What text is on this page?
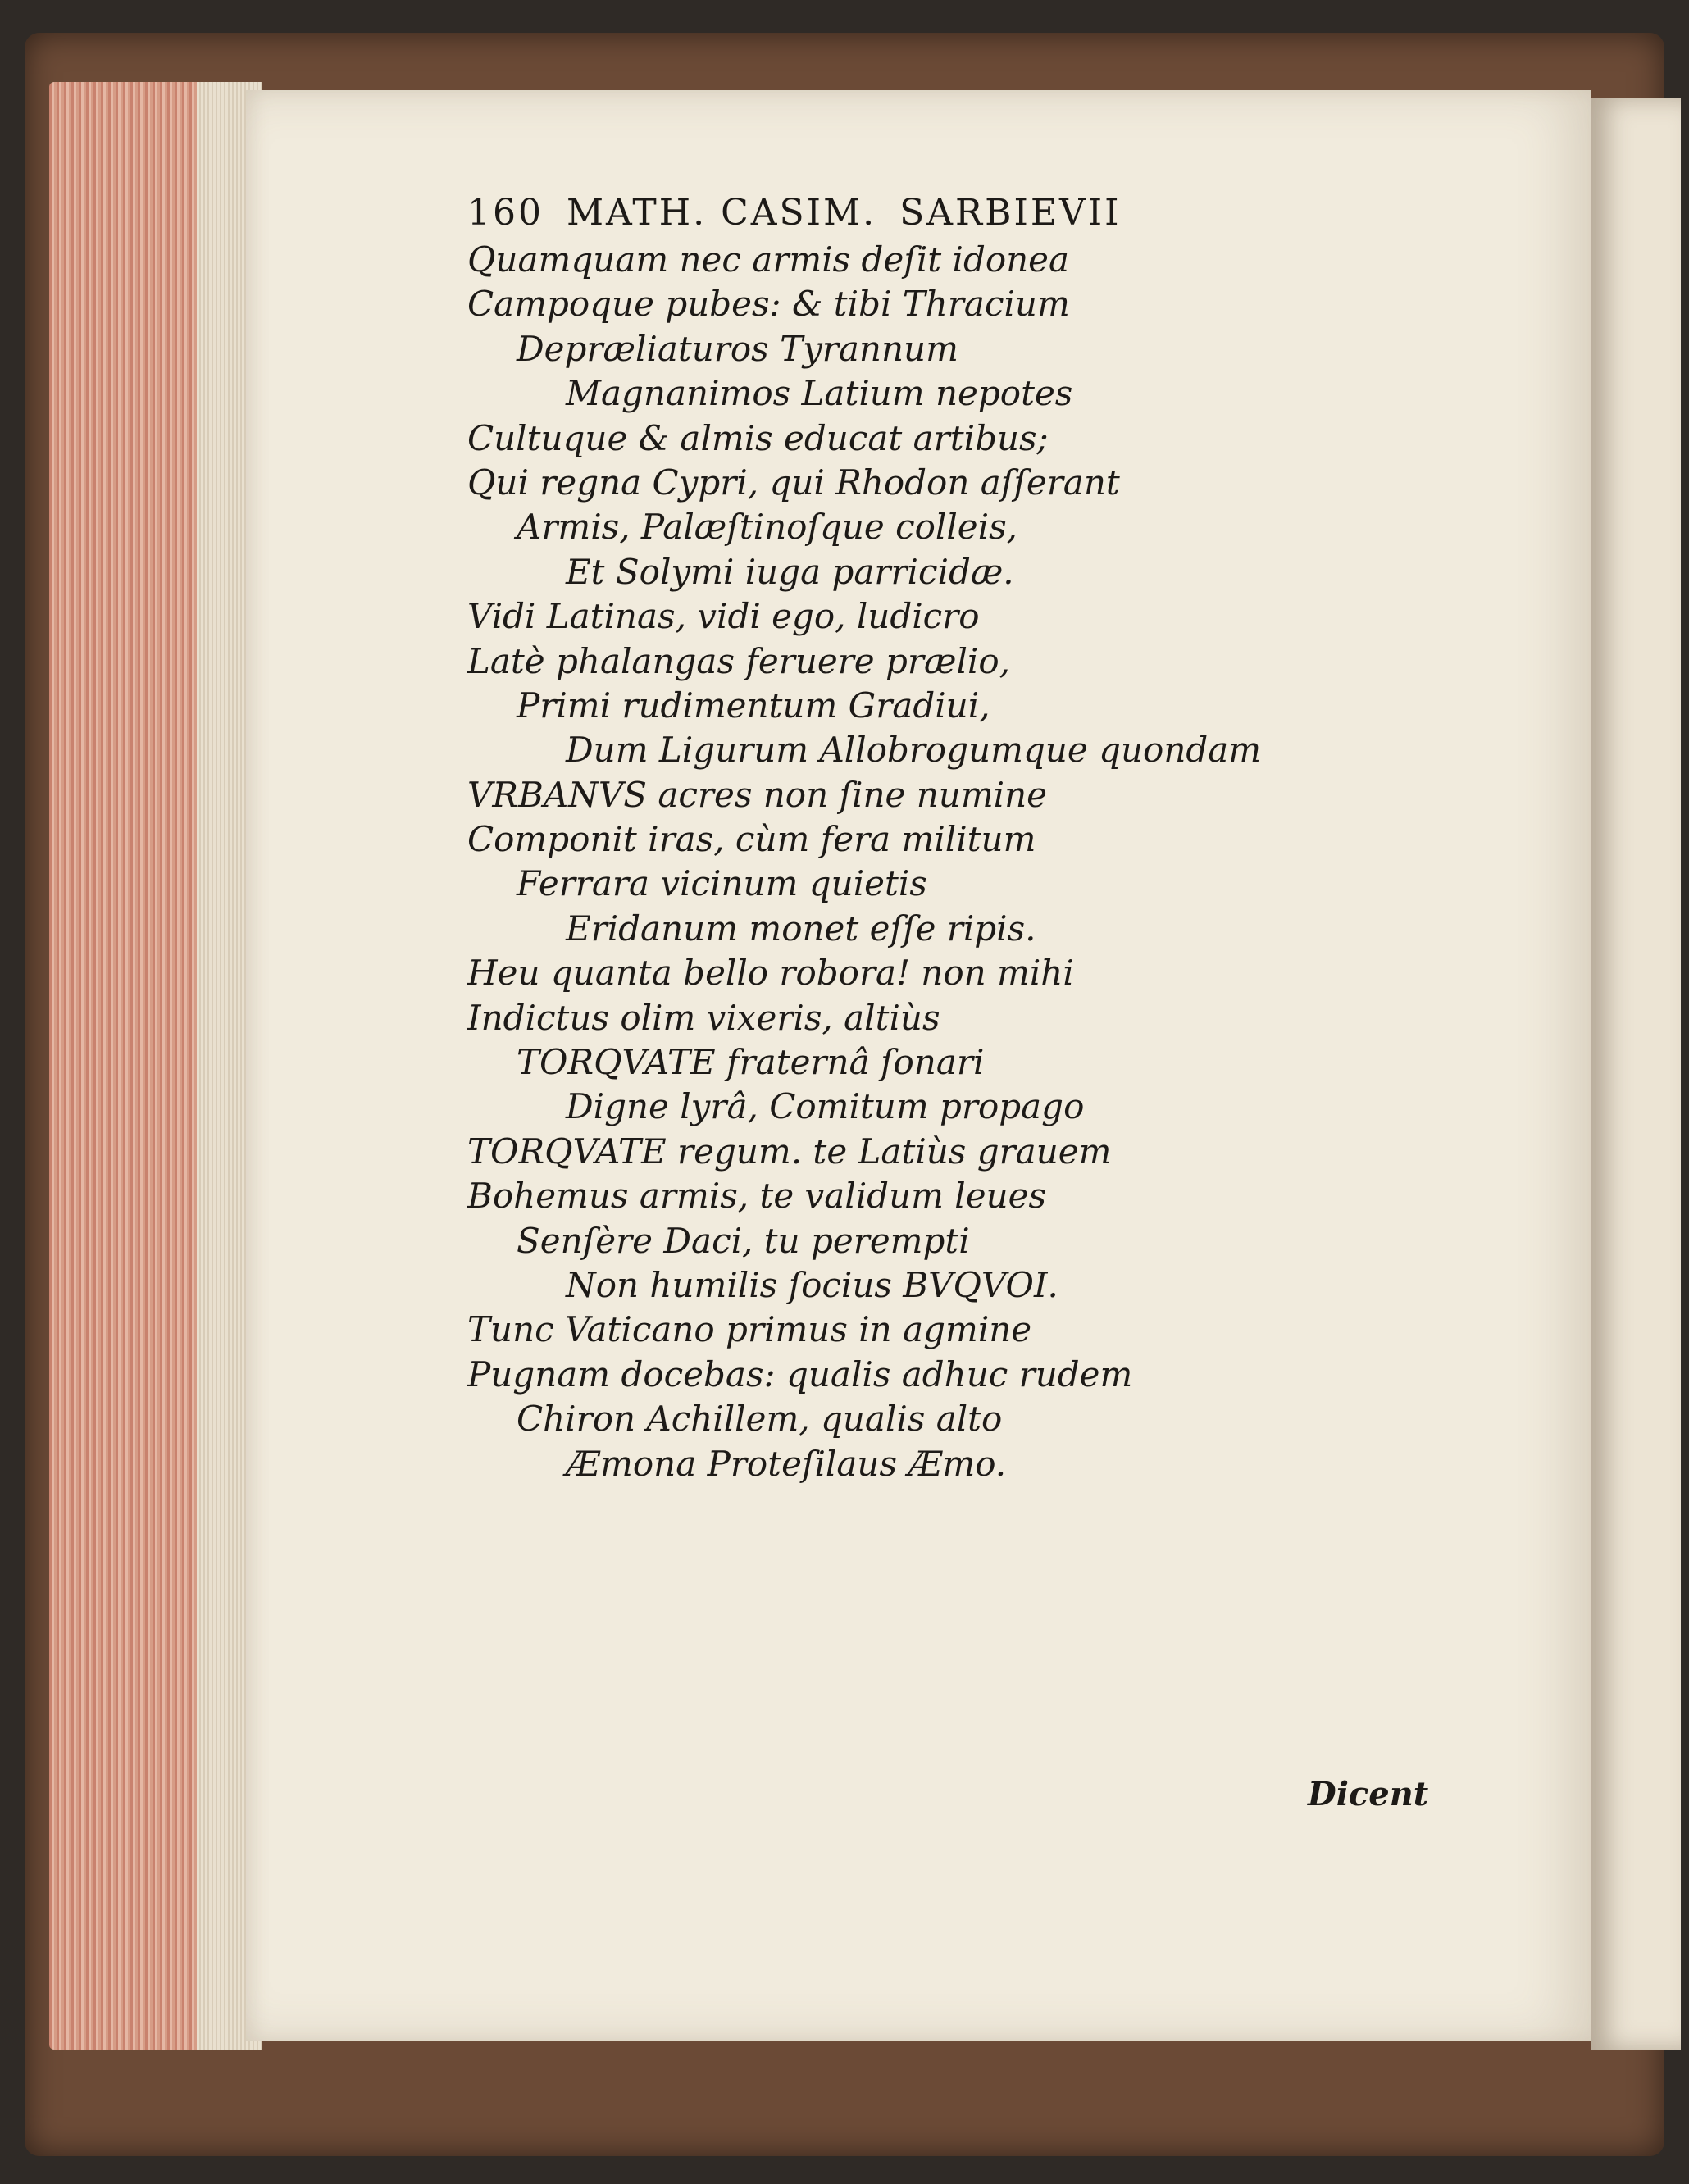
160 MATH. CASIM. SARBIEVII
Quamquam nec armis deſit idonea
Campoque pubes: & tibi Thracium
Depræliaturos Tyrannum
Magnanimos Latium nepotes
Cultuque & almis educat artibus;
Qui regna Cypri, qui Rhodon aſſerant
Armis, Palæſtinoſque colleis,
Et Solymi iuga parricidæ.
Vidi Latinas, vidi ego, ludicro
Latè phalangas feruere prælio,
Primi rudimentum Gradiui,
Dum Ligurum Allobrogumque quondam
VRBANVS acres non ſine numine
Componit iras, cùm fera militum
Ferrara vicinum quietis
Eridanum monet eſſe ripis.
Heu quanta bello robora! non mihi
Indictus olim vixeris, altiùs
TORQVATE fraternâ ſonari
Digne lyrâ, Comitum propago
TORQVATE regum. te Latiùs grauem
Bohemus armis, te validum leues
Senſère Daci, tu perempti
Non humilis ſocius BVQVOI.
Tunc Vaticano primus in agmine
Pugnam docebas: qualis adhuc rudem
Chiron Achillem, qualis alto
Æmona Proteſilaus Æmo.
Dicent
